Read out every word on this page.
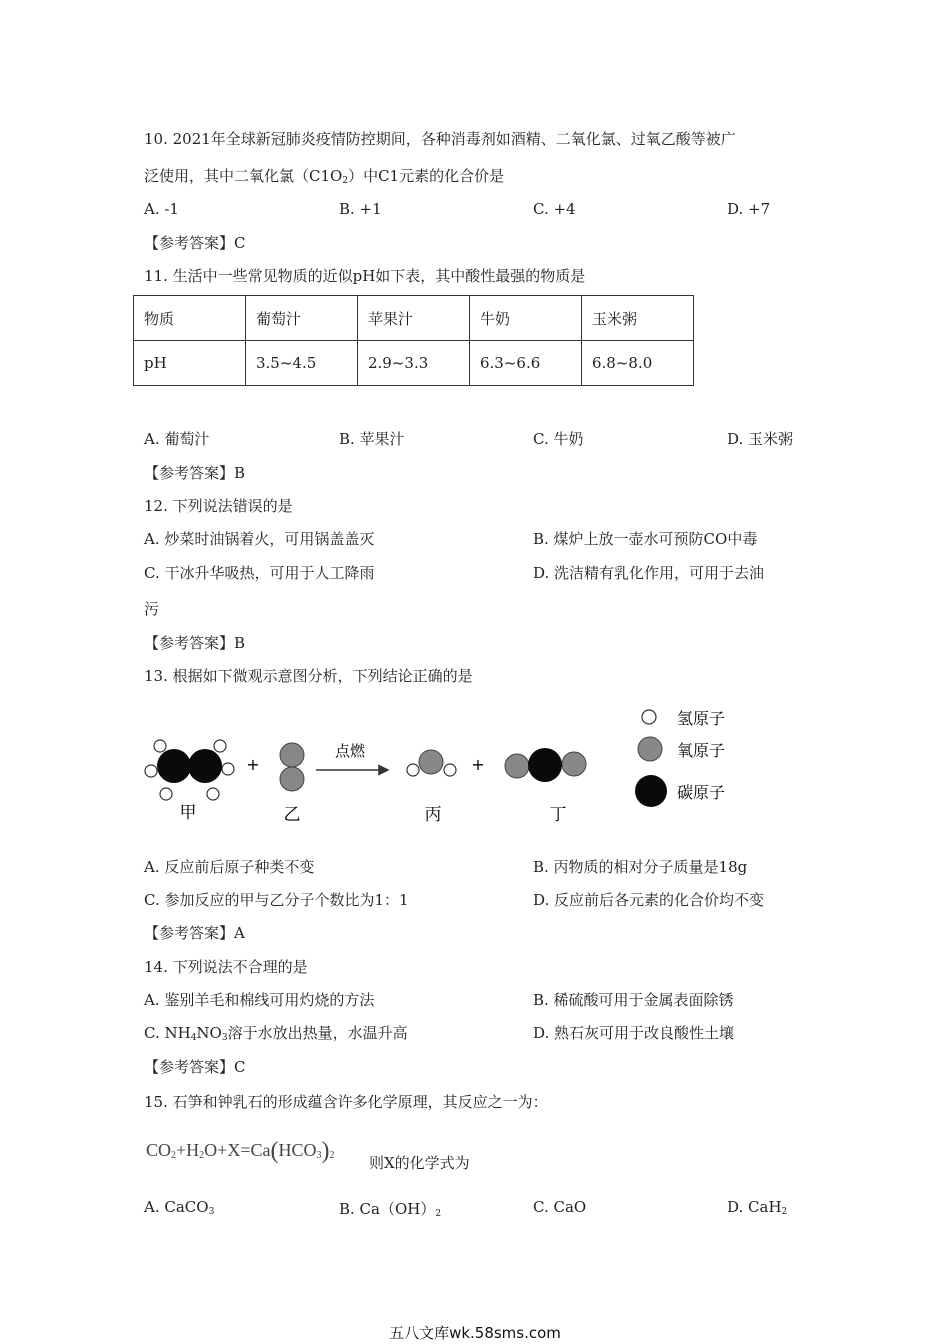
10. 2021年全球新冠肺炎疫情防控期间，各种消毒剂如酒精、二氧化氯、过氧乙酸等被广
泛使用，其中二氧化氯$(C1O_2)$中C1元素的化合价是
A. -1	B. +1	C. +4	D. +7
【参考答案】C
11. 生活中一些常见物质的近似pH如下表，其中酸性最强的物质是
物质	葡萄汁	苹果汁	牛奶	玉米粥
pH	3.5~4.5	2.9~3.3	6.3~6.6	6.8~8.0
A. 葡萄汁	B. 苹果汁	C. 牛奶	D. 玉米粥
【参考答案】B
12. 下列说法错误的是
A. 炒菜时油锅着火，可用锅盖盖灭	B. 煤炉上放一壶水可预防CO中毒
C. 干冰升华吸热，可用于人工降雨	D. 洗洁精有乳化作用，可用于去油
污
【参考答案】B
13. 根据如下微观示意图分析，下列结论正确的是
+
点燃
+
甲	乙	丙	丁
氢原子
氧原子
碳原子
A. 反应前后原子种类不变	B. 丙物质的相对分子质量是18g
C. 参加反应的甲与乙分子个数比为1：1	D. 反应前后各元素的化合价均不变
【参考答案】A
14. 下列说法不合理的是
A. 鉴别羊毛和棉线可用灼烧的方法	B. 稀硫酸可用于金属表面除锈
C. $NH_4NO_3$溶于水放出热量，水温升高	D. 熟石灰可用于改良酸性土壤
【参考答案】C
15. 石笋和钟乳石的形成蕴含许多化学原理，其反应之一为：
$CO_2+H_2O+X=Ca(HCO_3)_2$ 则X的化学式为
A. CaCO$_3$	B. $Ca(OH)_2$	C. CaO	D. CaH$_2$
五八文库wk.58sms.com
